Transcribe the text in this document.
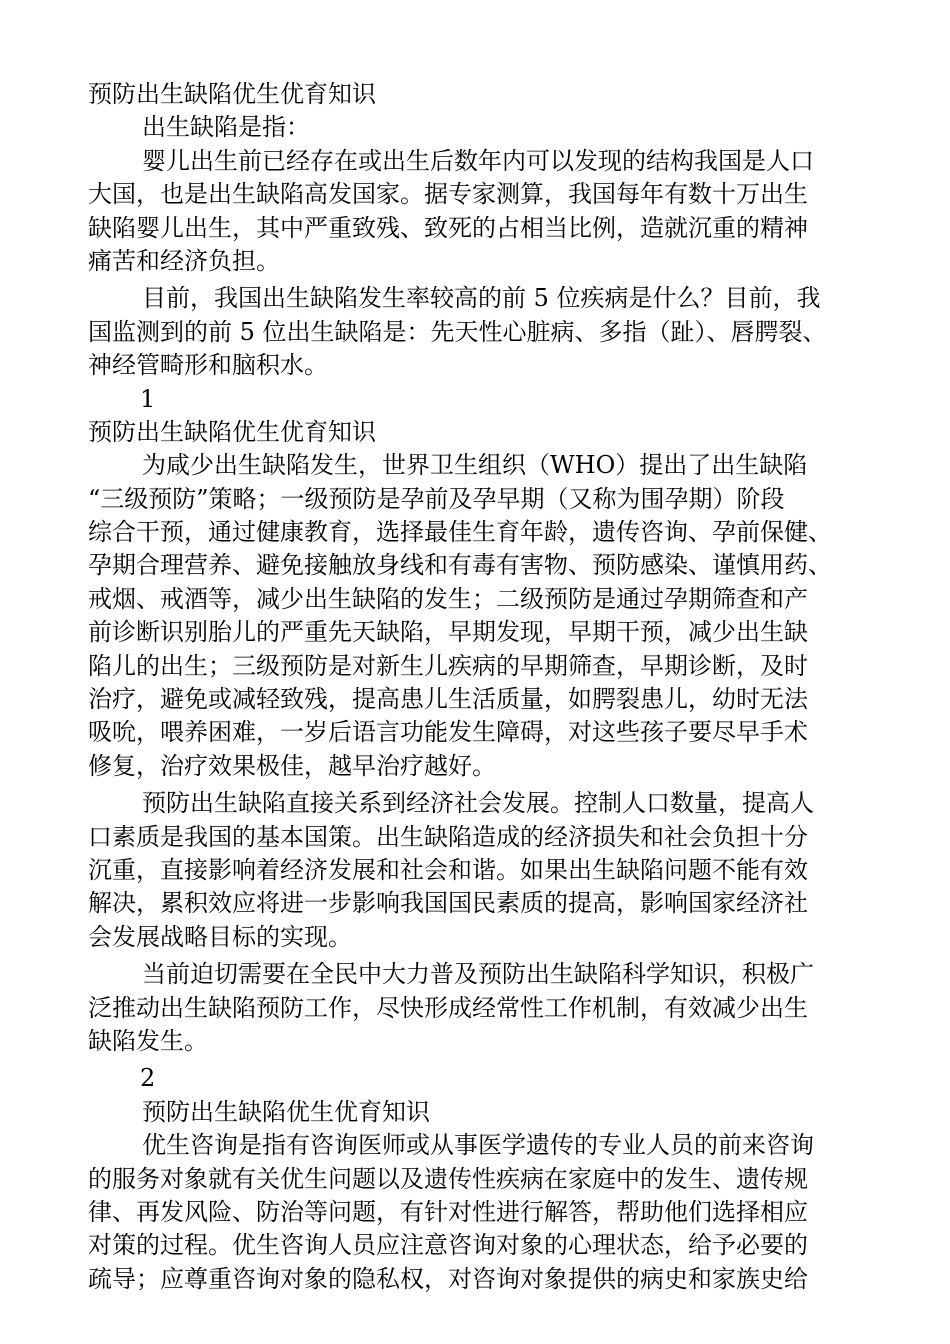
预防出生缺陷优生优育知识
出生缺陷是指：
婴儿出生前已经存在或出生后数年内可以发现的结构我国是人口
大国，也是出生缺陷高发国家。据专家测算，我国每年有数十万出生
缺陷婴儿出生，其中严重致残、致死的占相当比例，造就沉重的精神
痛苦和经济负担。
目前，我国出生缺陷发生率较高的前 5 位疾病是什么？目前，我
国监测到的前 5 位出生缺陷是：先天性心脏病、多指（趾）、唇腭裂、
神经管畸形和脑积水。
1
预防出生缺陷优生优育知识
为咸少出生缺陷发生，世界卫生组织（WHO）提出了出生缺陷
“三级预防”策略；一级预防是孕前及孕早期（又称为围孕期）阶段
综合干预，通过健康教育，选择最佳生育年龄，遗传咨询、孕前保健、
孕期合理营养、避免接触放身线和有毒有害物、预防感染、谨慎用药、
戒烟、戒酒等，减少出生缺陷的发生；二级预防是通过孕期筛查和产
前诊断识别胎儿的严重先天缺陷，早期发现，早期干预，减少出生缺
陷儿的出生；三级预防是对新生儿疾病的早期筛查，早期诊断，及时
治疗，避免或减轻致残，提高患儿生活质量，如腭裂患儿，幼时无法
吸吮，喂养困难，一岁后语言功能发生障碍，对这些孩子要尽早手术
修复，治疗效果极佳，越早治疗越好。
预防出生缺陷直接关系到经济社会发展。控制人口数量，提高人
口素质是我国的基本国策。出生缺陷造成的经济损失和社会负担十分
沉重，直接影响着经济发展和社会和谐。如果出生缺陷问题不能有效
解决，累积效应将进一步影响我国国民素质的提高，影响国家经济社
会发展战略目标的实现。
当前迫切需要在全民中大力普及预防出生缺陷科学知识，积极广
泛推动出生缺陷预防工作，尽快形成经常性工作机制，有效减少出生
缺陷发生。
2
预防出生缺陷优生优育知识
优生咨询是指有咨询医师或从事医学遗传的专业人员的前来咨询
的服务对象就有关优生问题以及遗传性疾病在家庭中的发生、遗传规
律、再发风险、防治等问题，有针对性进行解答，帮助他们选择相应
对策的过程。优生咨询人员应注意咨询对象的心理状态，给予必要的
疏导；应尊重咨询对象的隐私权，对咨询对象提供的病史和家族史给
